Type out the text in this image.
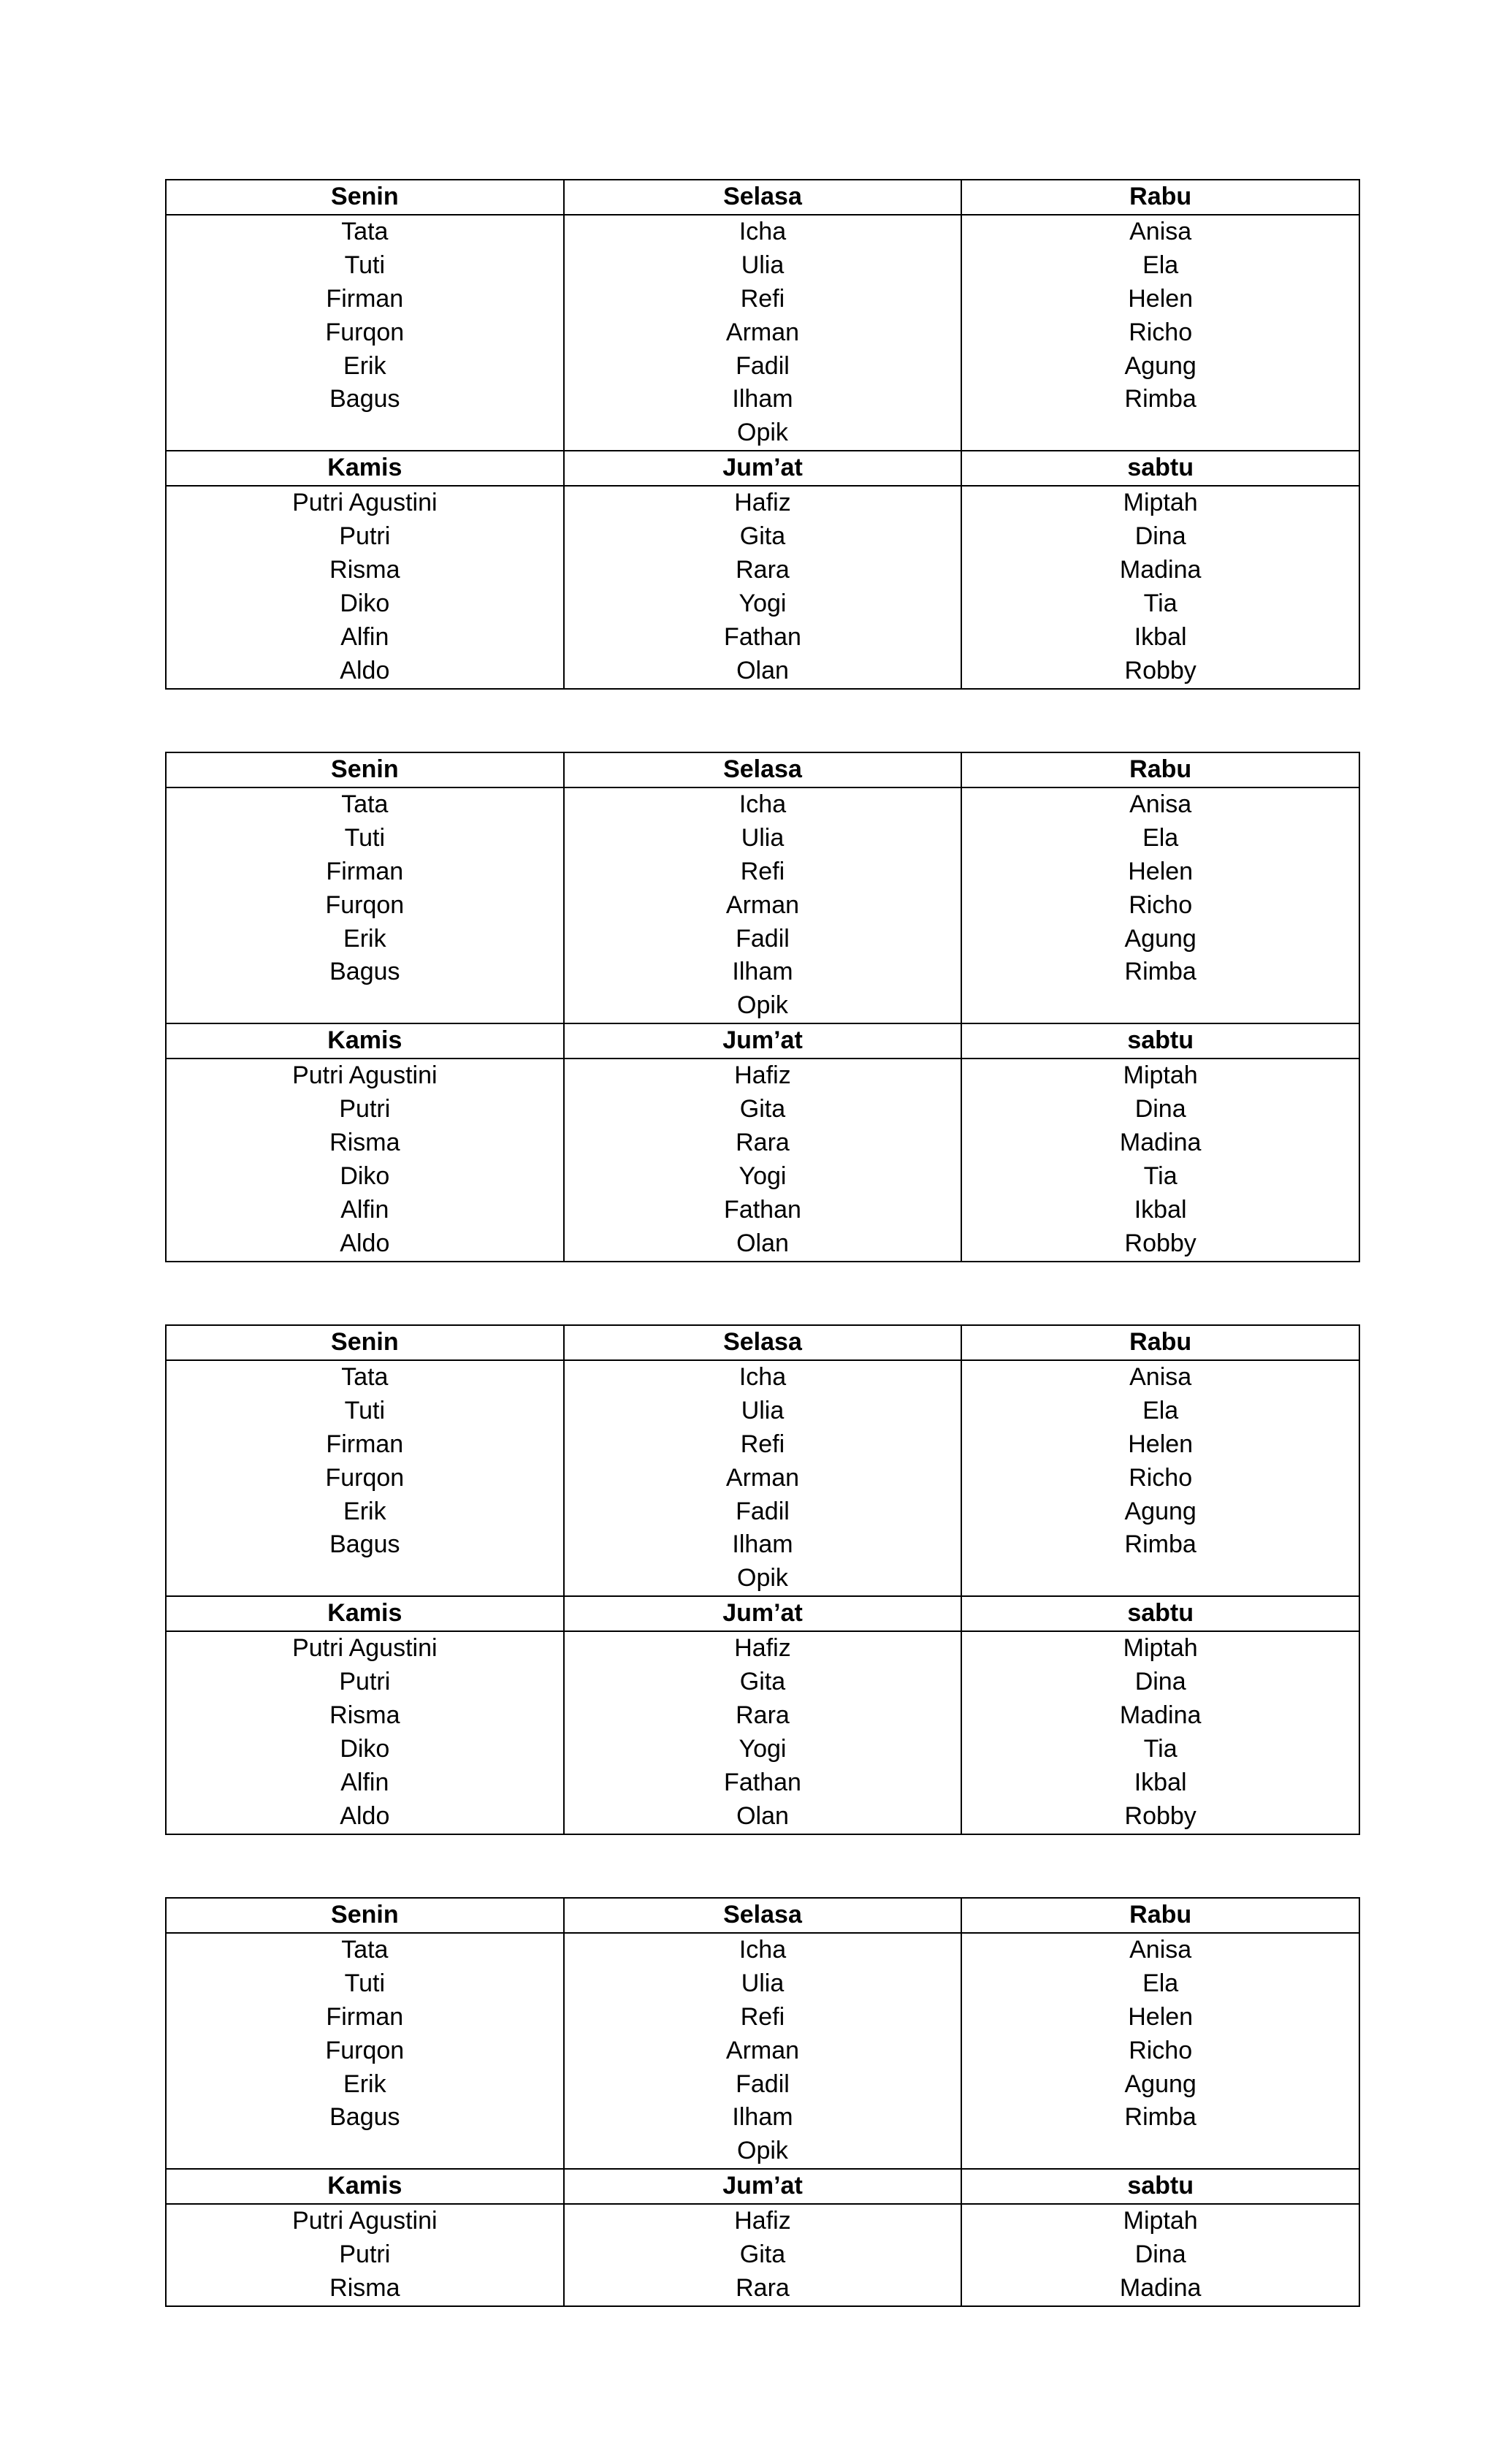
Senin	Selasa	Rabu
Tata	Icha	Anisa
Tuti	Ulia	Ela
Firman	Refi	Helen
Furqon	Arman	Richo
Erik	Fadil	Agung
Bagus	Ilham	Rimba
	Opik	
Kamis	Jum’at	sabtu
Putri Agustini	Hafiz	Miptah
Putri	Gita	Dina
Risma	Rara	Madina
Diko	Yogi	Tia
Alfin	Fathan	Ikbal
Aldo	Olan	Robby
Senin	Selasa	Rabu
Tata	Icha	Anisa
Tuti	Ulia	Ela
Firman	Refi	Helen
Furqon	Arman	Richo
Erik	Fadil	Agung
Bagus	Ilham	Rimba
	Opik	
Kamis	Jum’at	sabtu
Putri Agustini	Hafiz	Miptah
Putri	Gita	Dina
Risma	Rara	Madina
Diko	Yogi	Tia
Alfin	Fathan	Ikbal
Aldo	Olan	Robby
Senin	Selasa	Rabu
Tata	Icha	Anisa
Tuti	Ulia	Ela
Firman	Refi	Helen
Furqon	Arman	Richo
Erik	Fadil	Agung
Bagus	Ilham	Rimba
	Opik	
Kamis	Jum’at	sabtu
Putri Agustini	Hafiz	Miptah
Putri	Gita	Dina
Risma	Rara	Madina
Diko	Yogi	Tia
Alfin	Fathan	Ikbal
Aldo	Olan	Robby
Senin	Selasa	Rabu
Tata	Icha	Anisa
Tuti	Ulia	Ela
Firman	Refi	Helen
Furqon	Arman	Richo
Erik	Fadil	Agung
Bagus	Ilham	Rimba
	Opik	
Kamis	Jum’at	sabtu
Putri Agustini	Hafiz	Miptah
Putri	Gita	Dina
Risma	Rara	Madina
